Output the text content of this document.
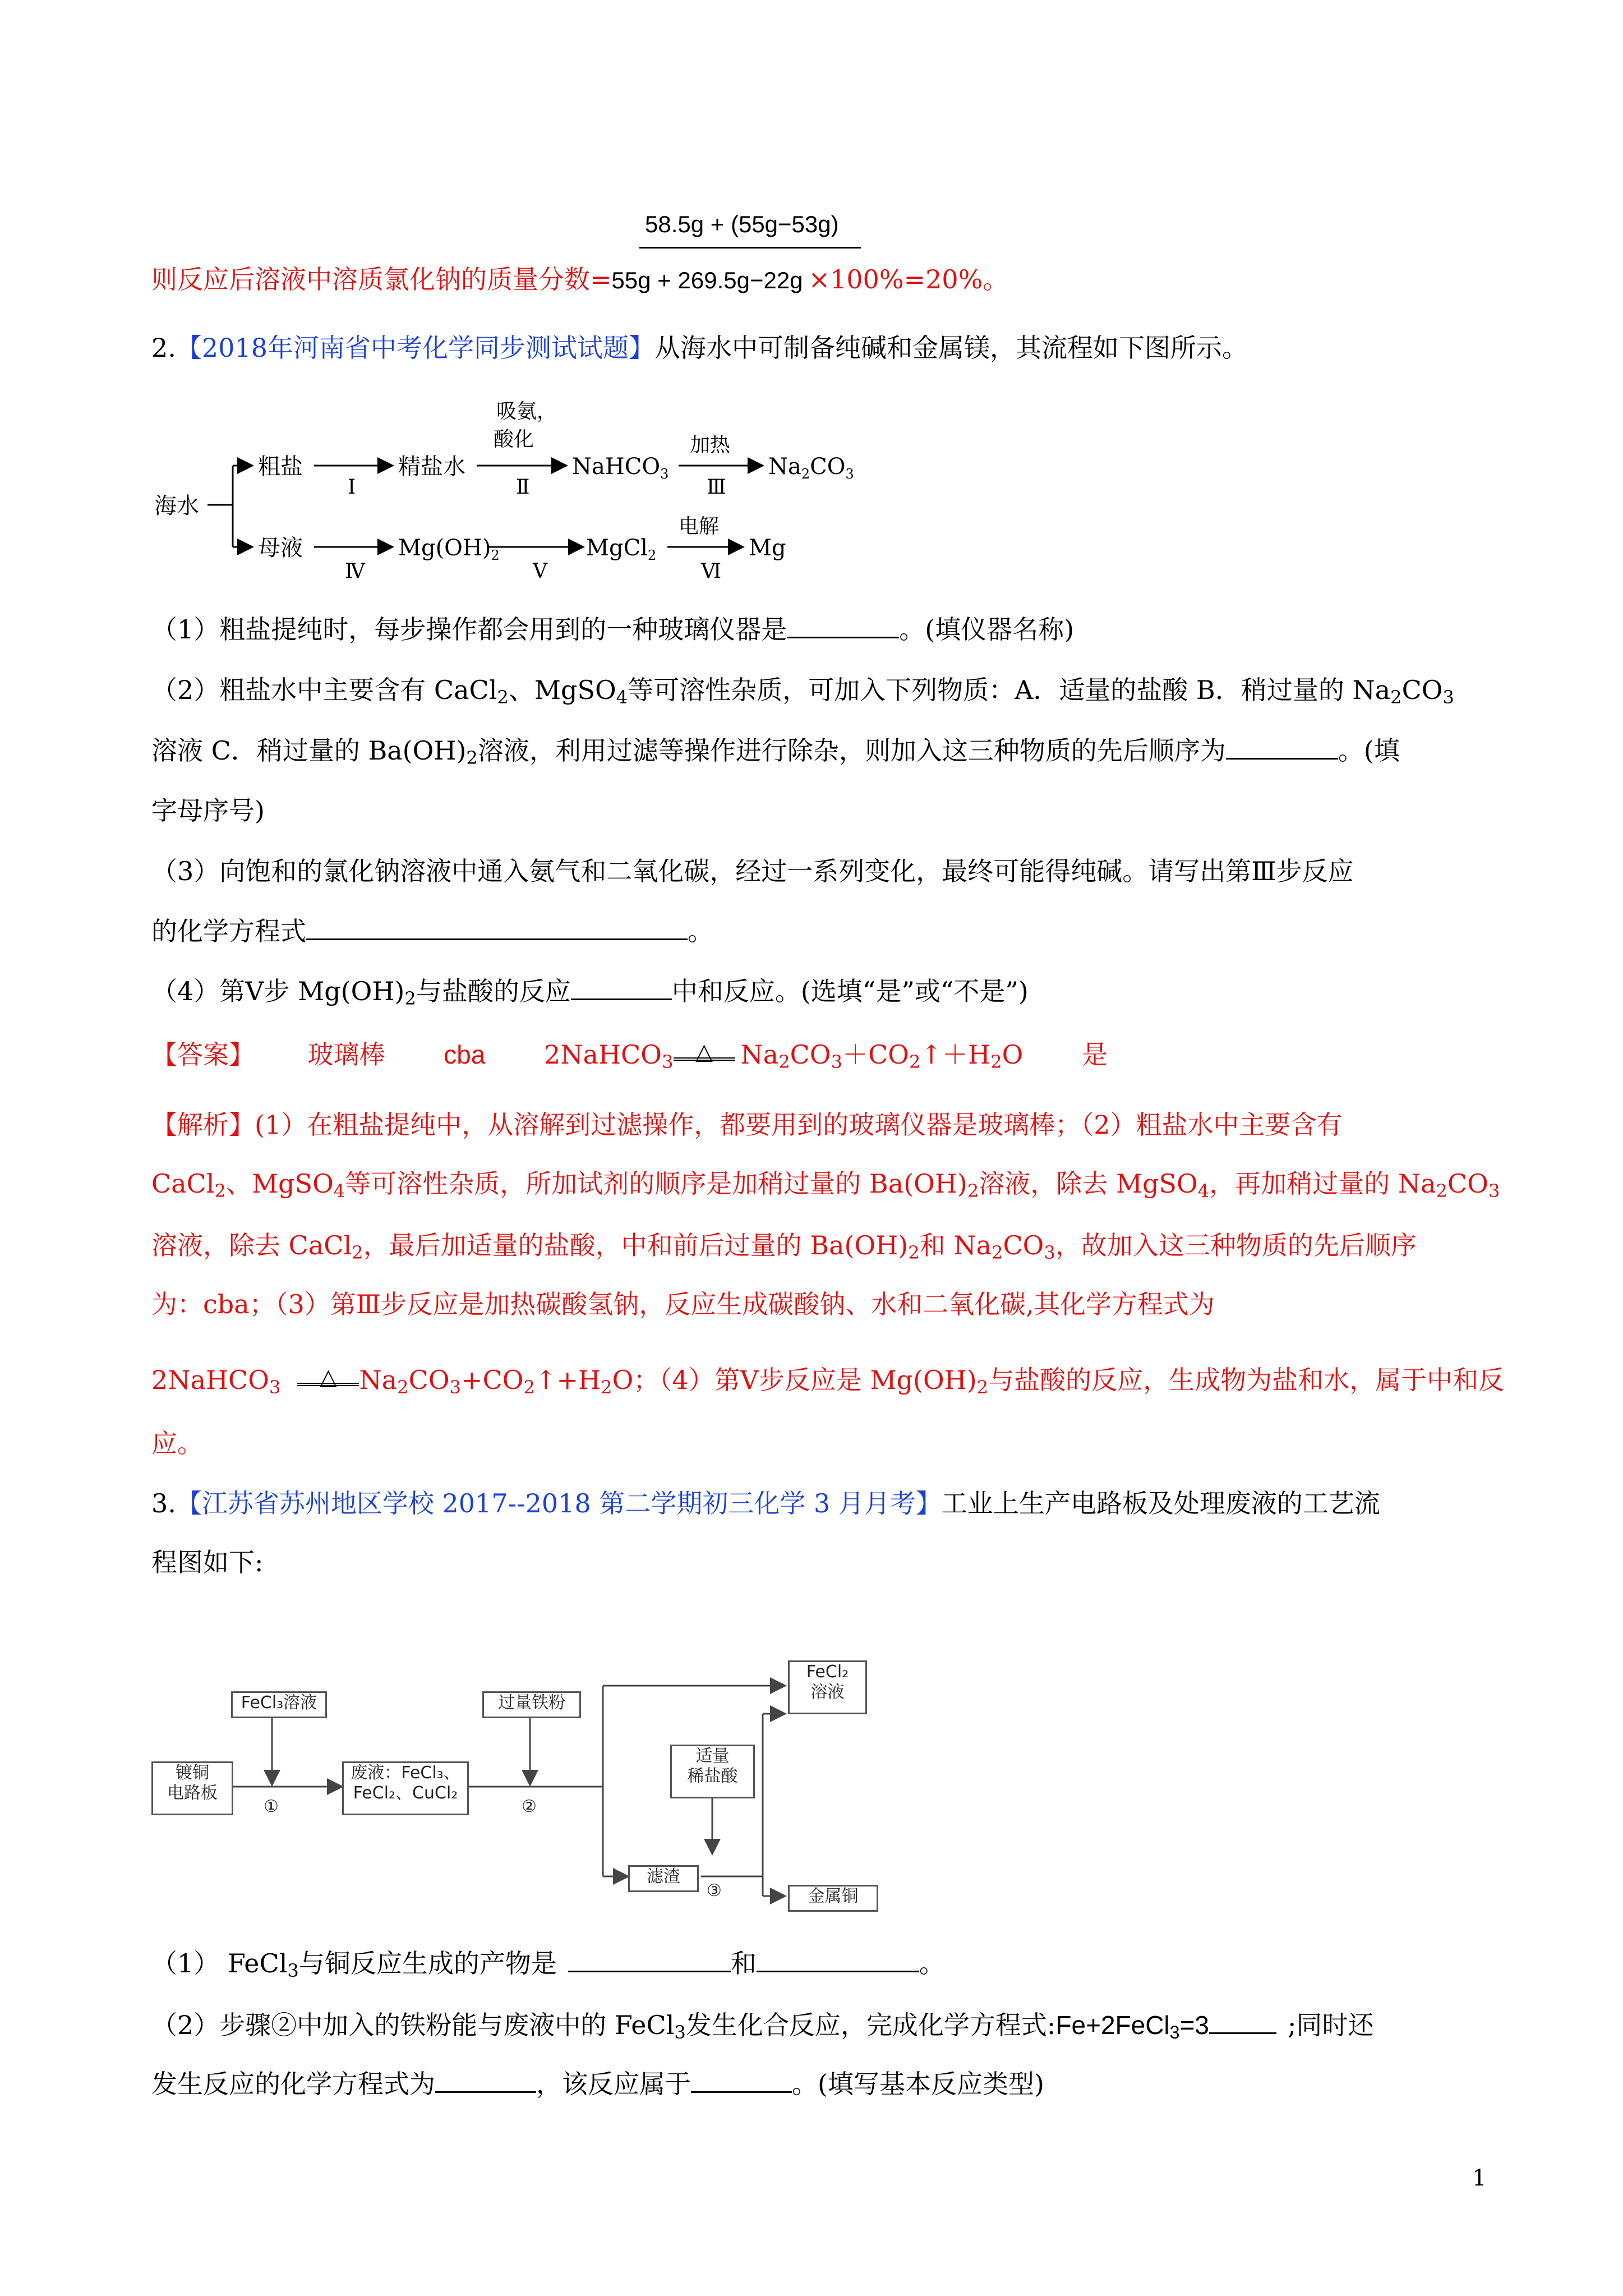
58.5g + (55g−53g)
则反应后溶液中溶质氯化钠的质量分数=55g + 269.5g−22g ×100%=20%。
2.【2018年河南省中考化学同步测试试题】从海水中可制备纯碱和金属镁，其流程如下图所示。
海水
粗盐
Ⅰ
精盐水
吸氨，
酸化
Ⅱ
NaHCO$_3$
加热
Ⅲ
$Na_2CO_3$
母液
Ⅳ
$Mg(OH)_2$
Ⅴ
MgCl$_2$
电解
Ⅵ
Mg
（1）粗盐提纯时，每步操作都会用到的一种玻璃仪器是	。(填仪器名称)
（2）粗盐水中主要含有 CaCl$_2$、MgSO$_4$等可溶性杂质，可加入下列物质：A．适量的盐酸 B．稍过量的 $Na_2CO_3$
溶液 C．稍过量的 $Ba(OH)_2$溶液，利用过滤等操作进行除杂，则加入这三种物质的先后顺序为	。(填
字母序号)
（3）向饱和的氯化钠溶液中通入氨气和二氧化碳，经过一系列变化，最终可能得纯碱。请写出第Ⅲ步反应
的化学方程式	。
（4）第Ⅴ步 $Mg(OH)_2$与盐酸的反应	中和反应。(选填“是”或“不是”)
【答案】 玻璃棒 cba 2NaHCO$_3$ △ $Na_2CO_3+CO_2↑+H_2O$ 是
【解析】(1）在粗盐提纯中，从溶解到过滤操作，都要用到的玻璃仪器是玻璃棒；（2）粗盐水中主要含有
CaCl$_2$、MgSO$_4$等可溶性杂质，所加试剂的顺序是加稍过量的 $Ba(OH)_2$溶液，除去 MgSO$_4$，再加稍过量的 $Na_2CO_3$
溶液，除去 CaCl$_2$，最后加适量的盐酸，中和前后过量的 $Ba(OH)_2$和 $Na_2CO_3$，故加入这三种物质的先后顺序
为：cba；（3）第Ⅲ步反应是加热碳酸氢钠，反应生成碳酸钠、水和二氧化碳,其化学方程式为
2NaHCO$_3$ △ $Na_2CO_3+CO_2↑+H_2O$；（4）第Ⅴ步反应是 $Mg(OH)_2$与盐酸的反应，生成物为盐和水，属于中和反
应。
3.【江苏省苏州地区学校 2017--2018 第二学期初三化学 3 月月考】工业上生产电路板及处理废液的工艺流
程图如下:
①	②
③
FeCl₃溶液
镀铜
电路板
废液：FeCl₃、
FeCl₂、CuCl₂
过量铁粉
适量
稀盐酸
FeCl₂
溶液
滤渣
金属铜
（1） FeCl$_3$与铜反应生成的产物是	和	。
（2）步骤②中加入的铁粉能与废液中的 FeCl$_3$发生化合反应，完成化学方程式:Fe+2FeCl$_3$=3	;同时还
发生反应的化学方程式为	，该反应属于	。(填写基本反应类型)
1
